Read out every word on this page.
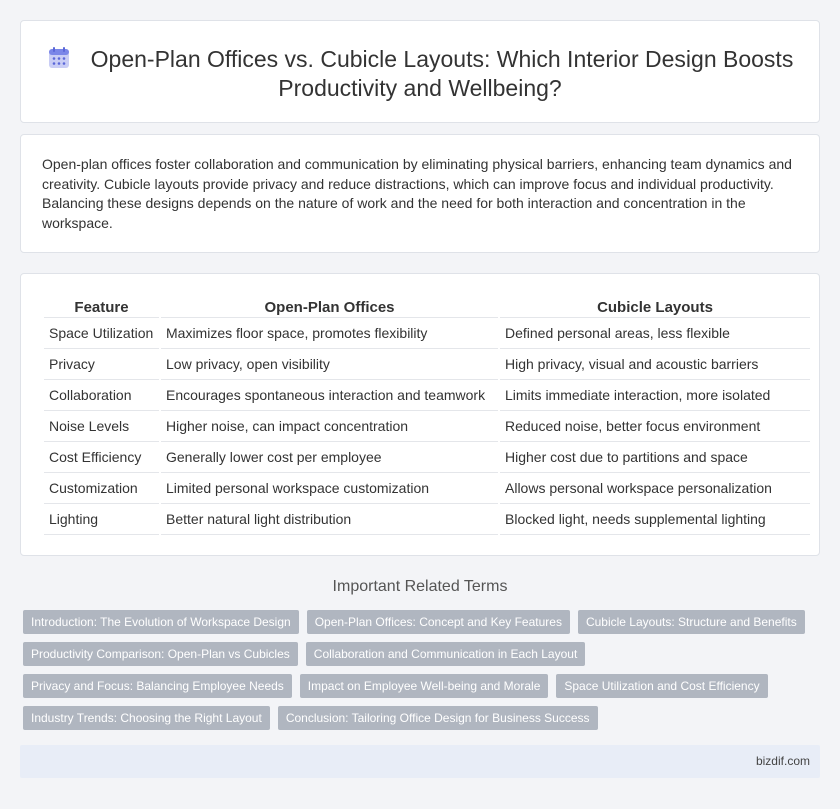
Open-Plan Offices vs. Cubicle Layouts: Which Interior Design Boosts Productivity and Wellbeing?

Open-plan offices foster collaboration and communication by eliminating physical barriers, enhancing team dynamics and creativity. Cubicle layouts provide privacy and reduce distractions, which can improve focus and individual productivity. Balancing these designs depends on the nature of work and the need for both interaction and concentration in the workspace.

Feature	Open-Plan Offices	Cubicle Layouts
Space Utilization	Maximizes floor space, promotes flexibility	Defined personal areas, less flexible
Privacy	Low privacy, open visibility	High privacy, visual and acoustic barriers
Collaboration	Encourages spontaneous interaction and teamwork	Limits immediate interaction, more isolated
Noise Levels	Higher noise, can impact concentration	Reduced noise, better focus environment
Cost Efficiency	Generally lower cost per employee	Higher cost due to partitions and space
Customization	Limited personal workspace customization	Allows personal workspace personalization
Lighting	Better natural light distribution	Blocked light, needs supplemental lighting
Important Related Terms
Introduction: The Evolution of Workspace Design	Open-Plan Offices: Concept and Key Features	Cubicle Layouts: Structure and Benefits
Productivity Comparison: Open-Plan vs Cubicles	Collaboration and Communication in Each Layout
Privacy and Focus: Balancing Employee Needs	Impact on Employee Well-being and Morale	Space Utilization and Cost Efficiency
Industry Trends: Choosing the Right Layout	Conclusion: Tailoring Office Design for Business Success
bizdif.com
